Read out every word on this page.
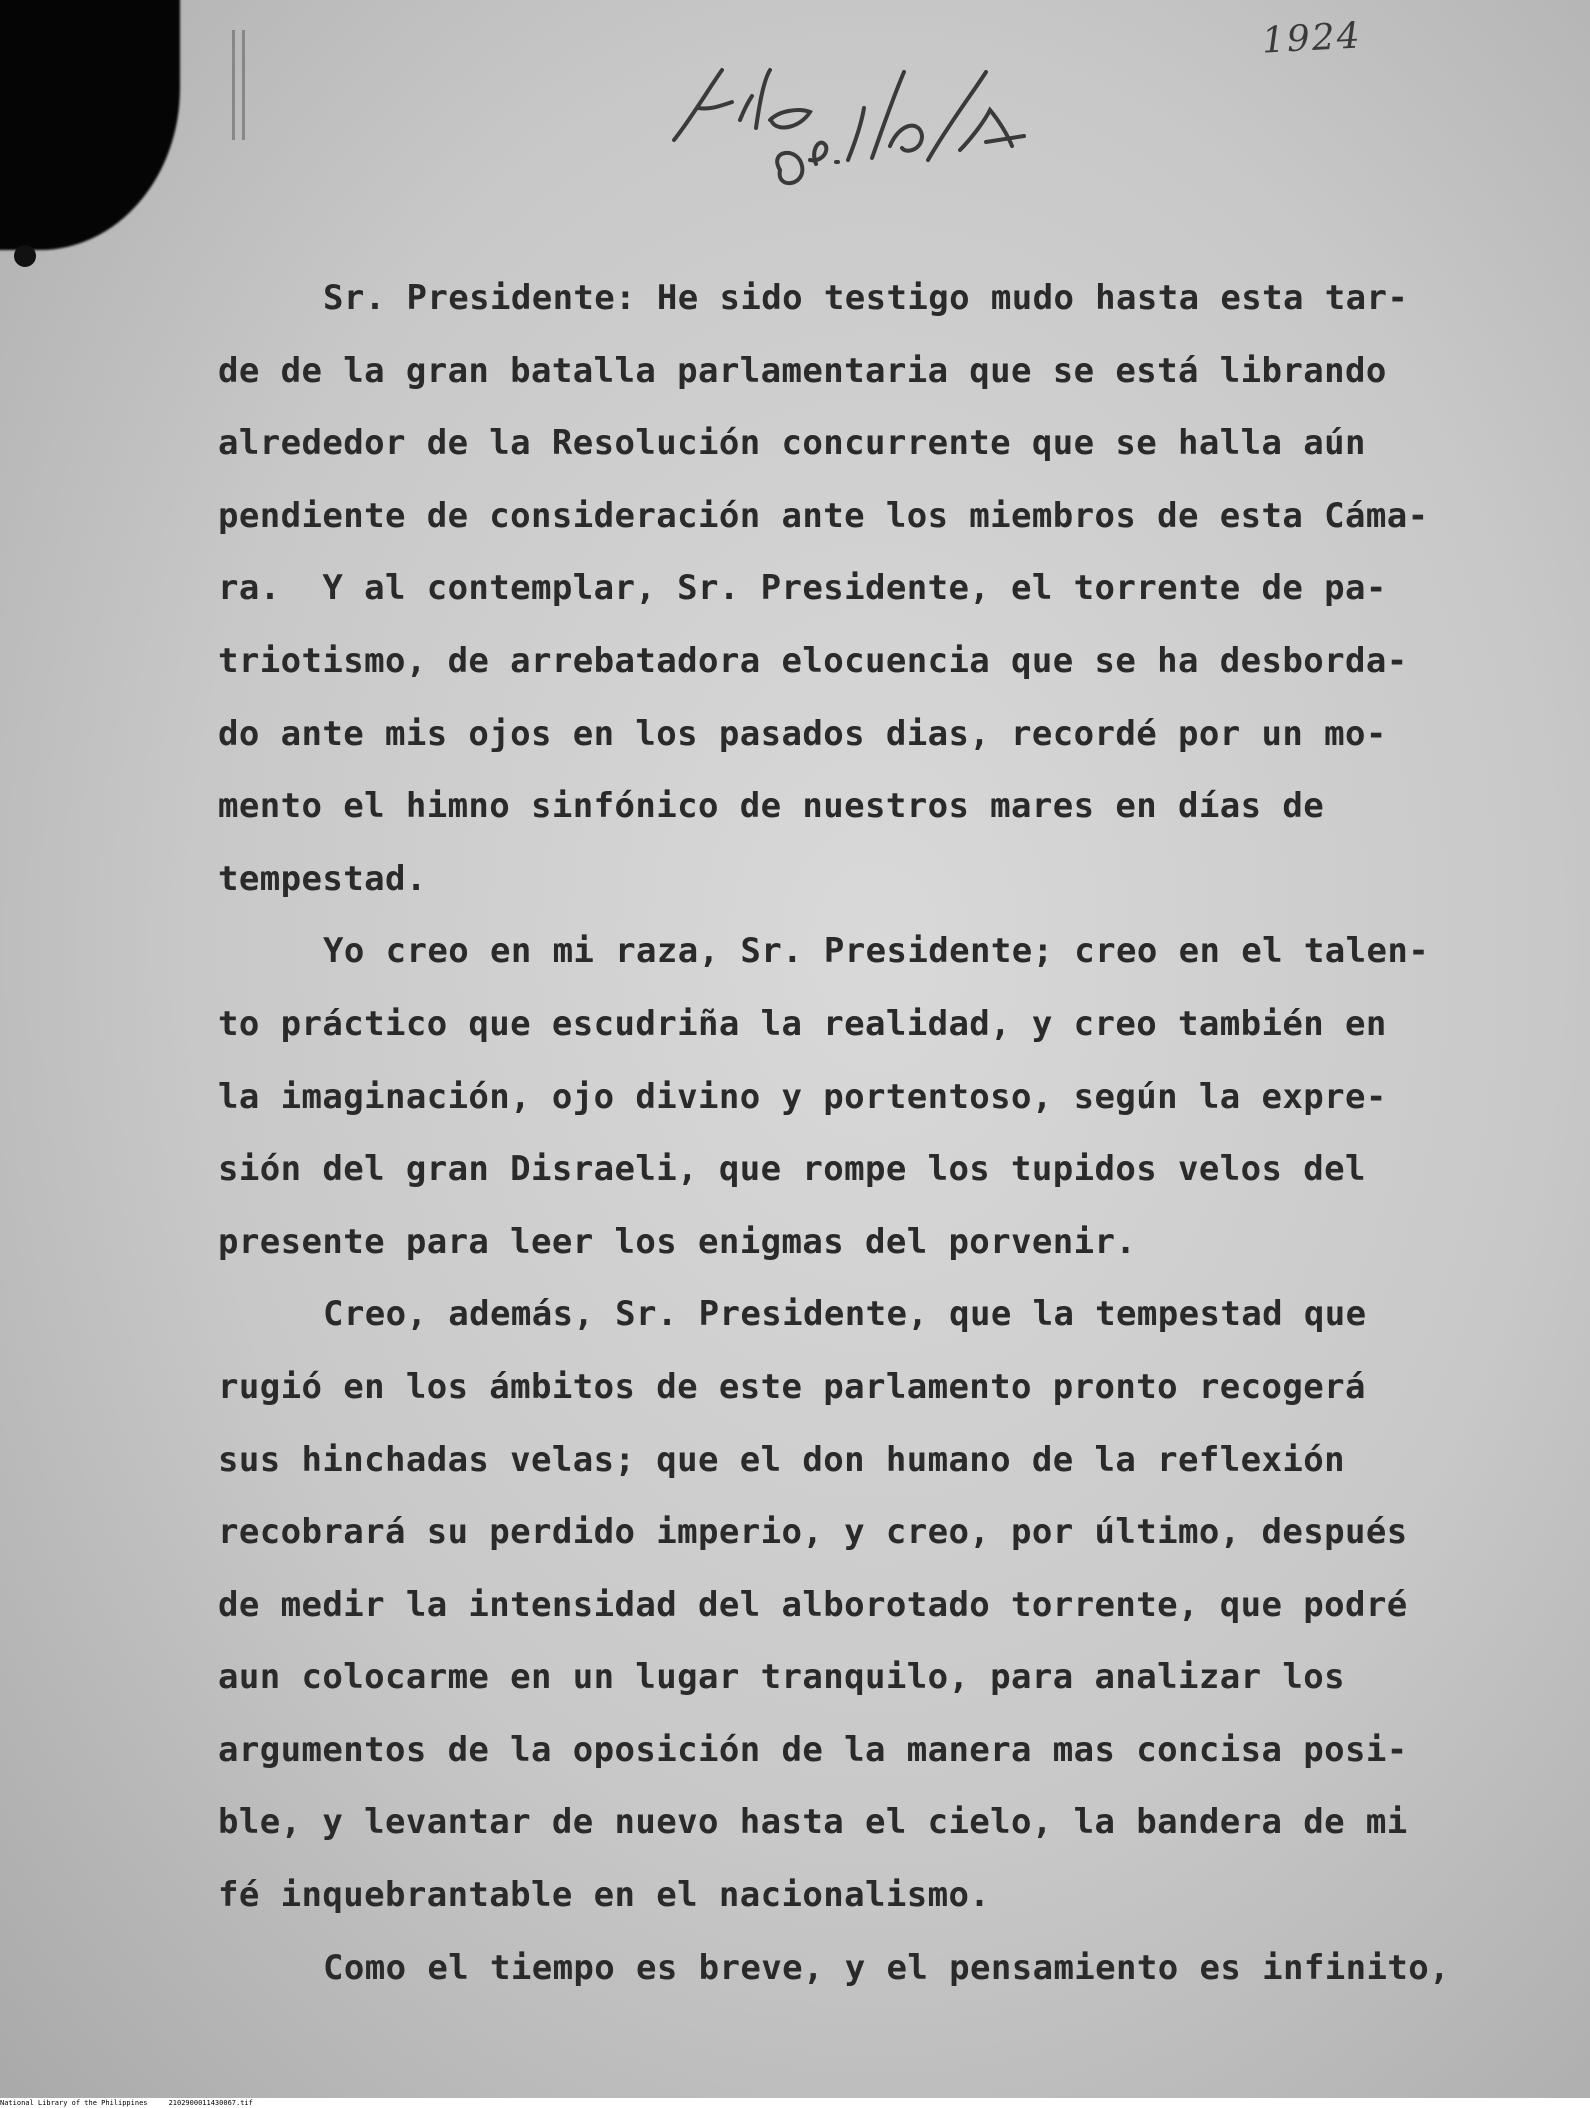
1924
Sr. Presidente: He sido testigo mudo hasta esta tar-
de de la gran batalla parlamentaria que se está librando
alrededor de la Resolución concurrente que se halla aún
pendiente de consideración ante los miembros de esta Cáma-
ra.  Y al contemplar, Sr. Presidente, el torrente de pa-
triotismo, de arrebatadora elocuencia que se ha desborda-
do ante mis ojos en los pasados dias, recordé por un mo-
mento el himno sinfónico de nuestros mares en días de
tempestad.
Yo creo en mi raza, Sr. Presidente; creo en el talen-
to práctico que escudriña la realidad, y creo también en
la imaginación, ojo divino y portentoso, según la expre-
sión del gran Disraeli, que rompe los tupidos velos del
presente para leer los enigmas del porvenir.
Creo, además, Sr. Presidente, que la tempestad que
rugió en los ámbitos de este parlamento pronto recogerá
sus hinchadas velas; que el don humano de la reflexión
recobrará su perdido imperio, y creo, por último, después
de medir la intensidad del alborotado torrente, que podré
aun colocarme en un lugar tranquilo, para analizar los
argumentos de la oposición de la manera mas concisa posi-
ble, y levantar de nuevo hasta el cielo, la bandera de mi
fé inquebrantable en el nacionalismo.
Como el tiempo es breve, y el pensamiento es infinito,
National Library of the Philippines     2102900011430067.tif
